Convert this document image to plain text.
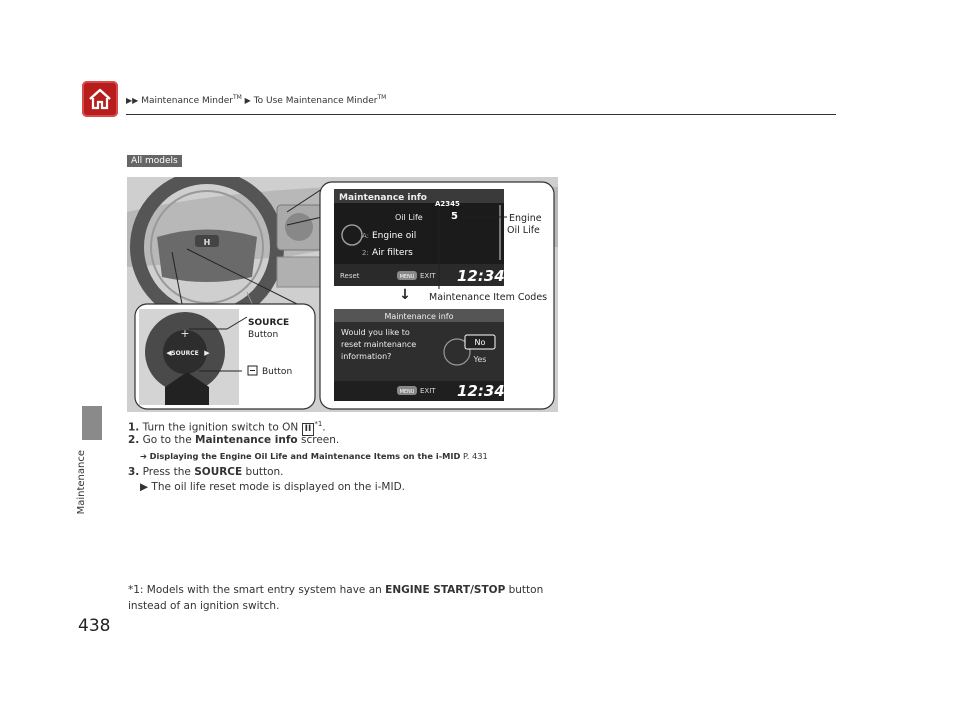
▶▶ Maintenance Minder™ ▶ To Use Maintenance Minder™
Maintenance
438
All models
H
Maintenance info
Oil Life
A2345
5
A: Engine oil
2: Air filters
Reset	MENU EXIT 12:34
↓
Maintenance info
Would you like to
reset maintenance
information?
No
Yes
MENU EXIT 12:34
Engine
Oil Life
Maintenance Item Codes
SOURCE
+
◀	▶
SOURCE
Button
Button
1. Turn the ignition switch to ON II $^{*1}$.
2. Go to the Maintenance info screen.
➔ Displaying the Engine Oil Life and Maintenance Items on the i-MID P. 431
3. Press the SOURCE button.
▶ The oil life reset mode is displayed on the i-MID.
*1: Models with the smart entry system have an ENGINE START/STOP button
instead of an ignition switch.
